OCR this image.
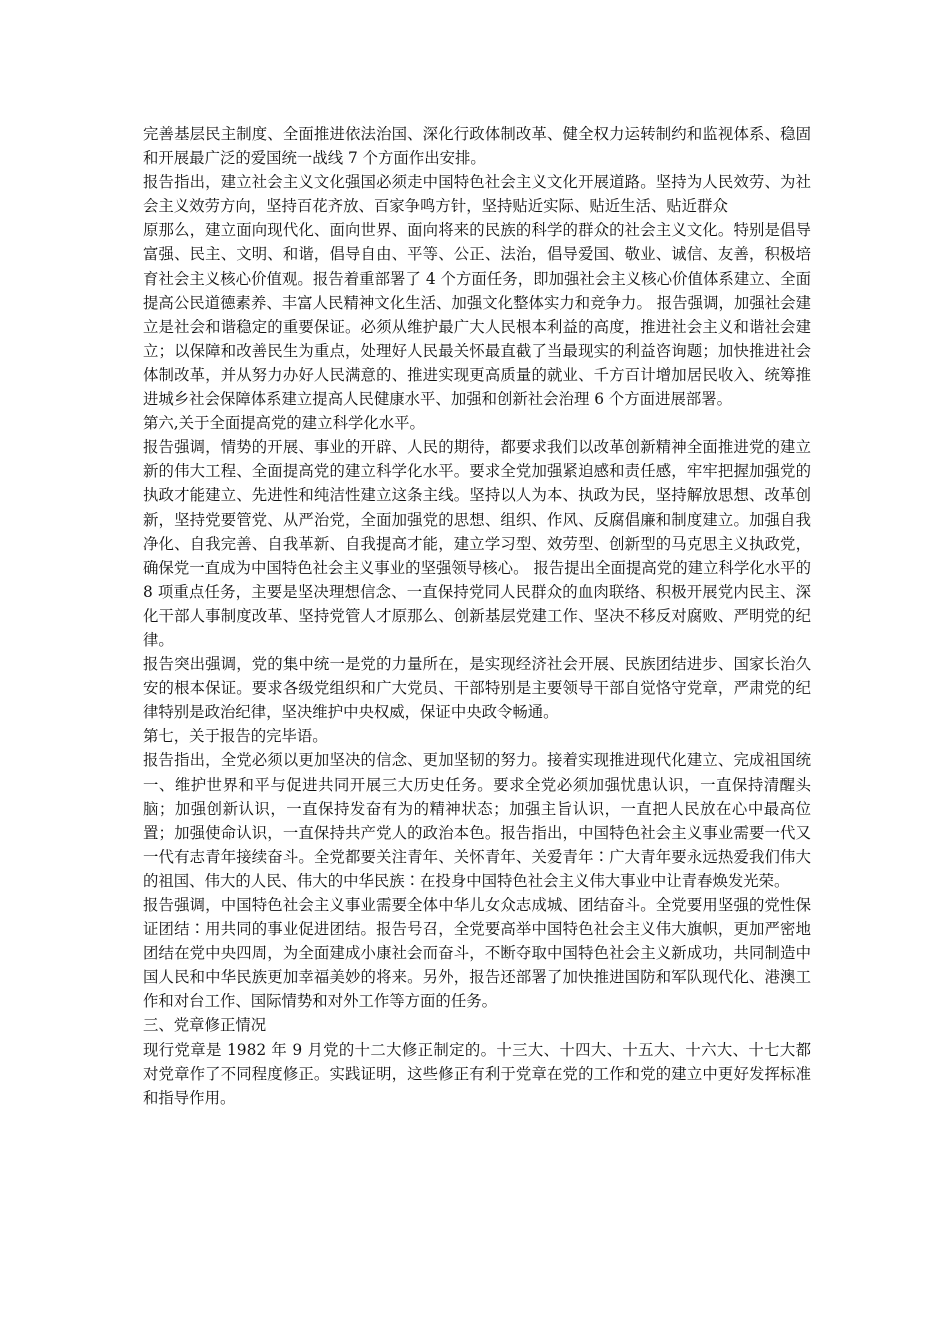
完善基层民主制度、全面推进依法治国、深化行政体制改革、健全权力运转制约和监视体系、稳固和开展最广泛的爱国统一战线 7 个方面作出安排。

报告指出，建立社会主义文化强国必须走中国特色社会主义文化开展道路。坚持为人民效劳、为社会主义效劳方向，坚持百花齐放、百家争鸣方针，坚持贴近实际、贴近生活、贴近群众

原那么，建立面向现代化、面向世界、面向将来的民族的科学的群众的社会主义文化。特别是倡导富强、民主、文明、和谐，倡导自由、平等、公正、法治，倡导爱国、敬业、诚信、友善，积极培育社会主义核心价值观。报告着重部署了 4 个方面任务，即加强社会主义核心价值体系建立、全面提高公民道德素养、丰富人民精神文化生活、加强文化整体实力和竞争力。 报告强调，加强社会建立是社会和谐稳定的重要保证。必须从维护最广大人民根本利益的高度，推进社会主义和谐社会建立；以保障和改善民生为重点，处理好人民最关怀最直截了当最现实的利益咨询题；加快推进社会体制改革，并从努力办好人民满意的、推进实现更高质量的就业、千方百计增加居民收入、统筹推进城乡社会保障体系建立提高人民健康水平、加强和创新社会治理 6 个方面进展部署。

第六,关于全面提高党的建立科学化水平。

报告强调，情势的开展、事业的开辟、人民的期待，都要求我们以改革创新精神全面推进党的建立新的伟大工程、全面提高党的建立科学化水平。要求全党加强紧迫感和责任感，牢牢把握加强党的执政才能建立、先进性和纯洁性建立这条主线。坚持以人为本、执政为民，坚持解放思想、改革创新，坚持党要管党、从严治党，全面加强党的思想、组织、作风、反腐倡廉和制度建立。加强自我净化、自我完善、自我革新、自我提高才能，建立学习型、效劳型、创新型的马克思主义执政党，确保党一直成为中国特色社会主义事业的坚强领导核心。 报告提出全面提高党的建立科学化水平的 8 项重点任务，主要是坚决理想信念、一直保持党同人民群众的血肉联络、积极开展党内民主、深化干部人事制度改革、坚持党管人才原那么、创新基层党建工作、坚决不移反对腐败、严明党的纪律。

报告突出强调，党的集中统一是党的力量所在，是实现经济社会开展、民族团结进步、国家长治久安的根本保证。要求各级党组织和广大党员、干部特别是主要领导干部自觉恪守党章，严肃党的纪律特别是政治纪律，坚决维护中央权威，保证中央政令畅通。

第七，关于报告的完毕语。

报告指出，全党必须以更加坚决的信念、更加坚韧的努力。接着实现推进现代化建立、完成祖国统一、维护世界和平与促进共同开展三大历史任务。要求全党必须加强忧患认识，一直保持清醒头脑；加强创新认识，一直保持发奋有为的精神状态；加强主旨认识，一直把人民放在心中最高位置；加强使命认识，一直保持共产党人的政治本色。报告指出，中国特色社会主义事业需要一代又一代有志青年接续奋斗。全党都要关注青年、关怀青年、关爱青年∶广大青年要永远热爱我们伟大的祖国、伟大的人民、伟大的中华民族∶在投身中国特色社会主义伟大事业中让青春焕发光荣。

报告强调，中国特色社会主义事业需要全体中华儿女众志成城、团结奋斗。全党要用坚强的党性保证团结∶用共同的事业促进团结。报告号召，全党要高举中国特色社会主义伟大旗帜，更加严密地团结在党中央四周，为全面建成小康社会而奋斗，不断夺取中国特色社会主义新成功，共同制造中国人民和中华民族更加幸福美妙的将来。另外，报告还部署了加快推进国防和军队现代化、港澳工作和对台工作、国际情势和对外工作等方面的任务。

三、党章修正情况

现行党章是 1982 年 9 月党的十二大修正制定的。十三大、十四大、十五大、十六大、十七大都对党章作了不同程度修正。实践证明，这些修正有利于党章在党的工作和党的建立中更好发挥标准和指导作用。
